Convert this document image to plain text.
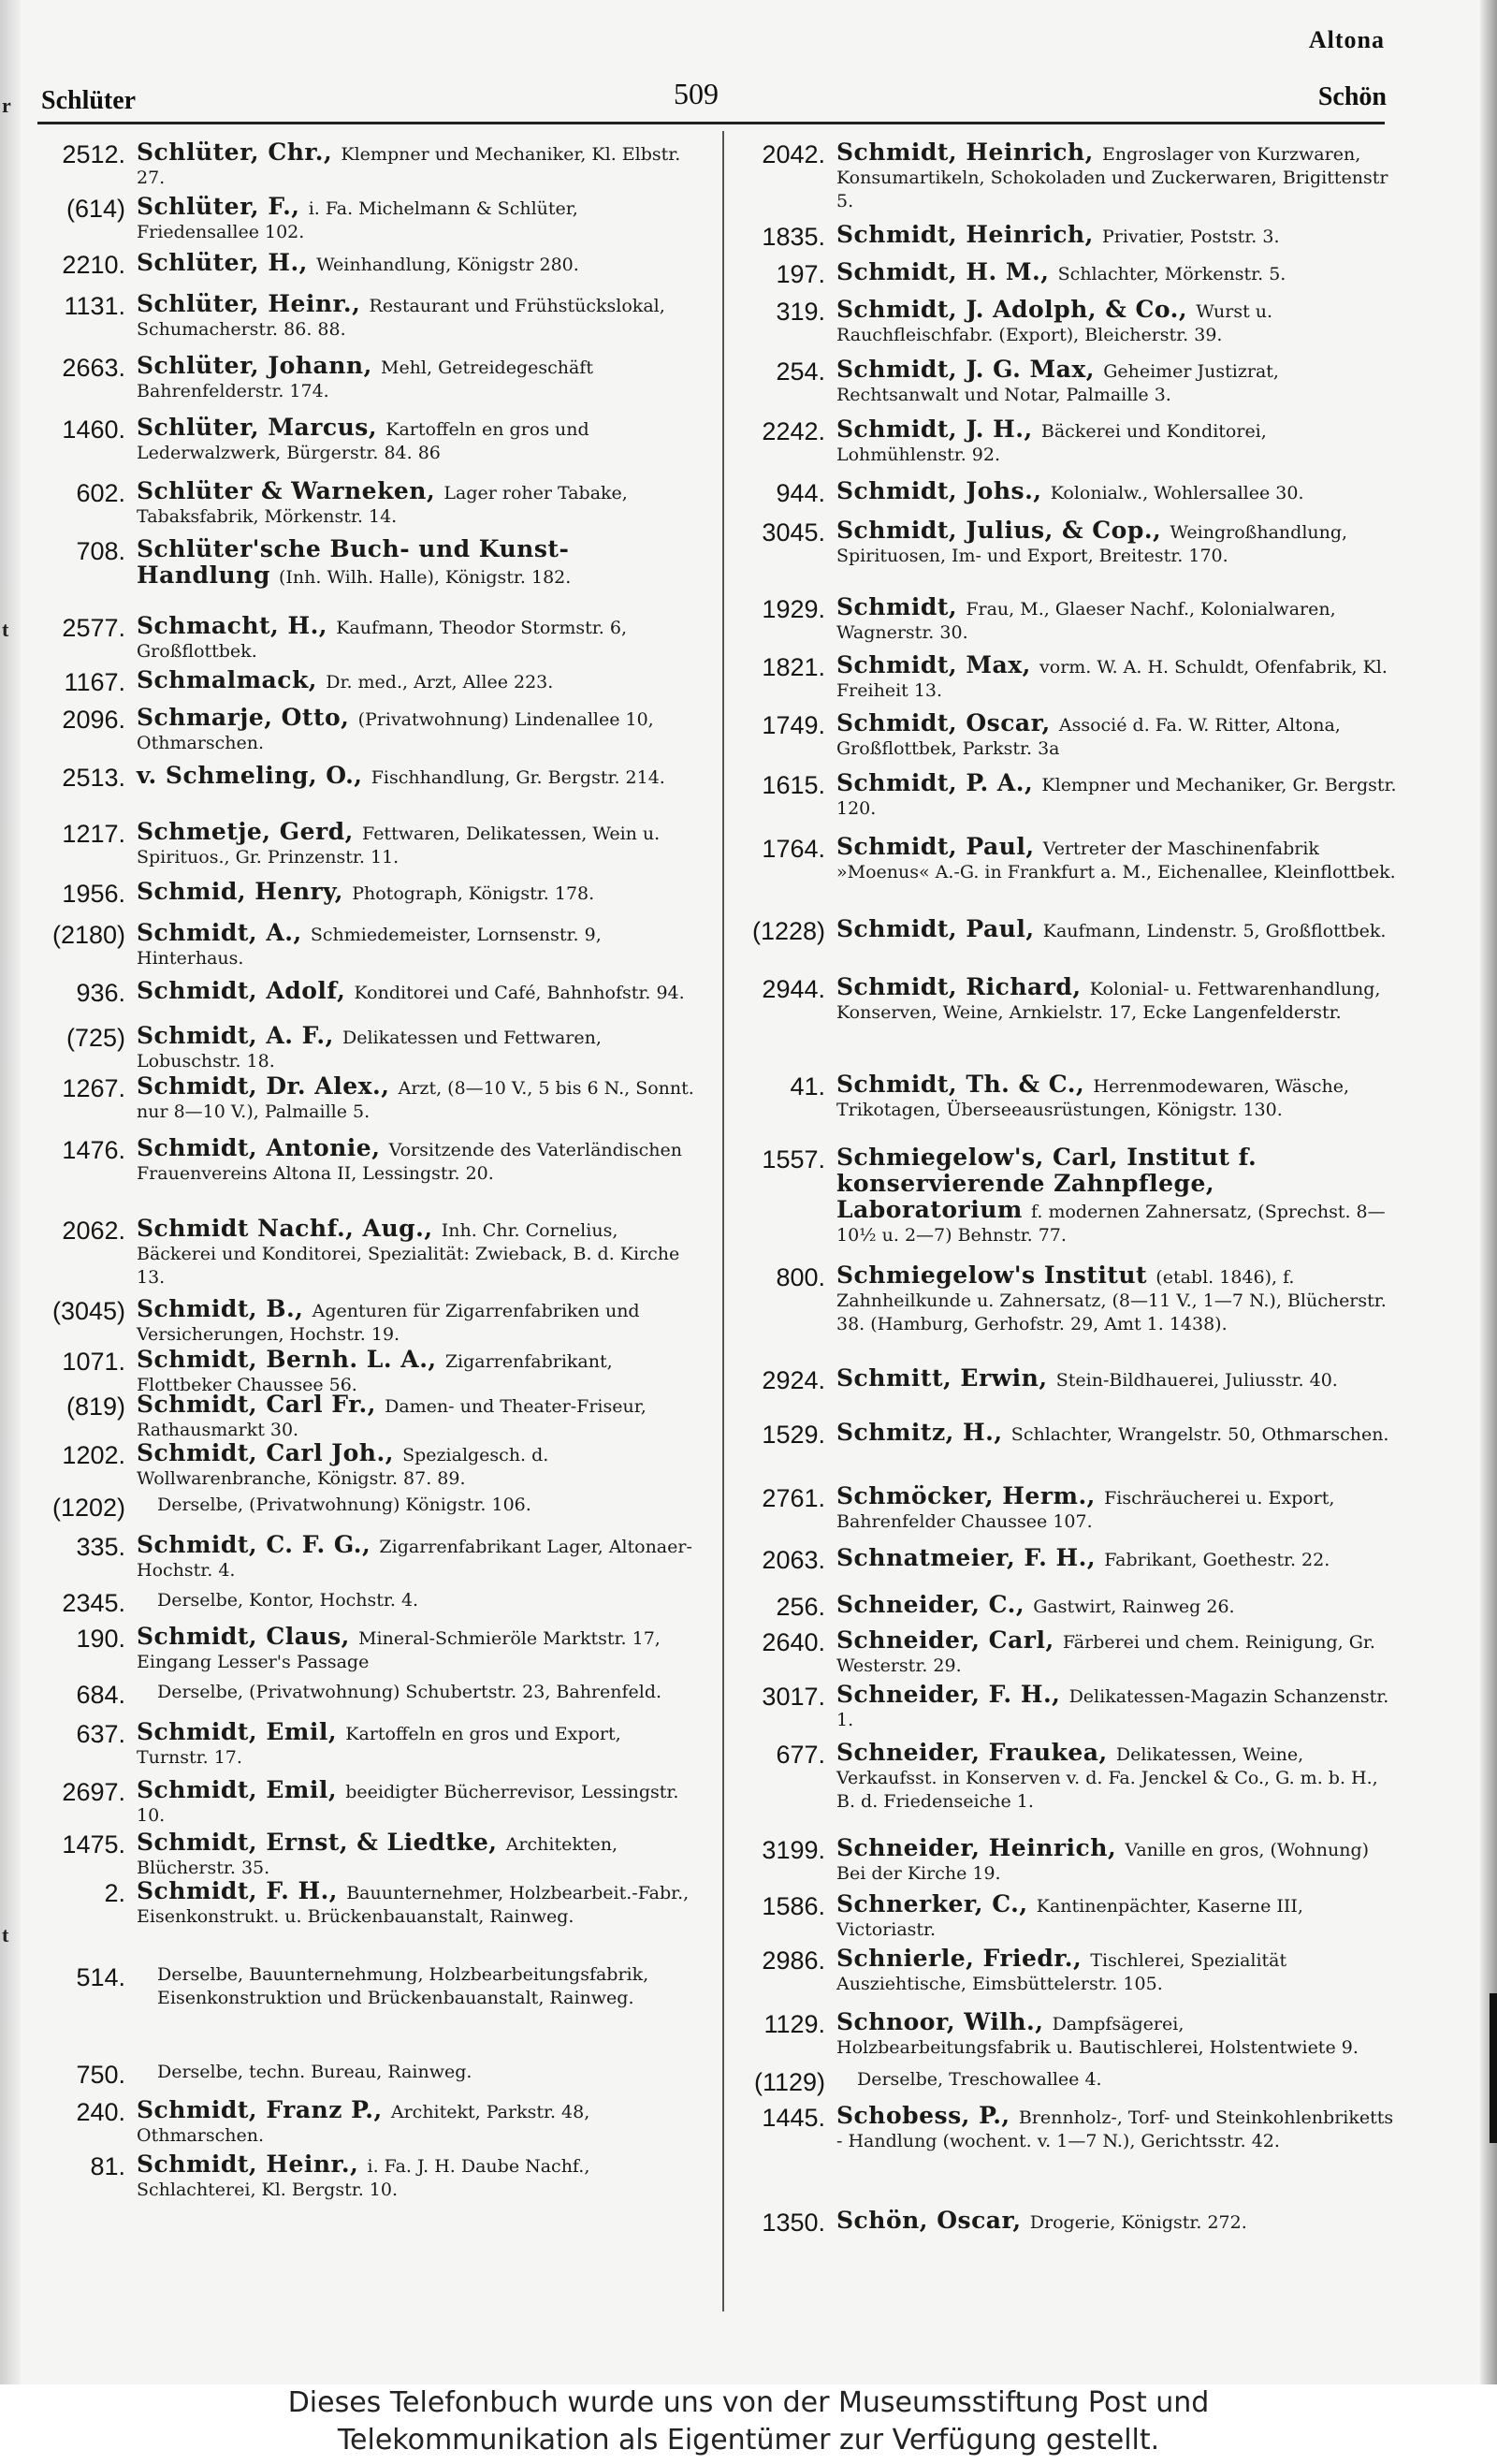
r
t
t
Altona
Schlüter	509	Schön
2512. Schlüter, Chr., Klempner und Mechaniker, Kl. Elbstr. 27.
(614) Schlüter, F., i. Fa. Michelmann & Schlüter, Friedensallee 102.
2210. Schlüter, H., Weinhandlung, Königstr 280.
1131. Schlüter, Heinr., Restaurant und Frühstückslokal, Schumacherstr. 86. 88.
2663. Schlüter, Johann, Mehl, Getreidegeschäft Bahrenfelderstr. 174.
1460. Schlüter, Marcus, Kartoffeln en gros und Lederwalzwerk, Bürgerstr. 84. 86
602. Schlüter & Warneken, Lager roher Tabake, Tabaksfabrik, Mörkenstr. 14.
708. Schlüter'sche Buch- und Kunst-Handlung (Inh. Wilh. Halle), Königstr. 182.
2577. Schmacht, H., Kaufmann, Theodor Stormstr. 6, Großflottbek.
1167. Schmalmack, Dr. med., Arzt, Allee 223.
2096. Schmarje, Otto, (Privatwohnung) Lindenallee 10, Othmarschen.
2513. v. Schmeling, O., Fischhandlung, Gr. Bergstr. 214.
1217. Schmetje, Gerd, Fettwaren, Delikatessen, Wein u. Spirituos., Gr. Prinzenstr. 11.
1956. Schmid, Henry, Photograph, Königstr. 178.
(2180) Schmidt, A., Schmiedemeister, Lornsenstr. 9, Hinterhaus.
936. Schmidt, Adolf, Konditorei und Café, Bahnhofstr. 94.
(725) Schmidt, A. F., Delikatessen und Fettwaren, Lobuschstr. 18.
1267. Schmidt, Dr. Alex., Arzt, (8—10 V., 5 bis 6 N., Sonnt. nur 8—10 V.), Palmaille 5.
1476. Schmidt, Antonie, Vorsitzende des Vaterländischen Frauenvereins Altona II, Lessingstr. 20.
2062. Schmidt Nachf., Aug., Inh. Chr. Cornelius, Bäckerei und Konditorei, Spezialität: Zwieback, B. d. Kirche 13.
(3045) Schmidt, B., Agenturen für Zigarrenfabriken und Versicherungen, Hochstr. 19.
1071. Schmidt, Bernh. L. A., Zigarrenfabrikant, Flottbeker Chaussee 56.
(819) Schmidt, Carl Fr., Damen- und Theater-Friseur, Rathausmarkt 30.
1202. Schmidt, Carl Joh., Spezialgesch. d. Wollwarenbranche, Königstr. 87. 89.
(1202)	Derselbe, (Privatwohnung) Königstr. 106.
335. Schmidt, C. F. G., Zigarrenfabrikant Lager, Altonaer-Hochstr. 4.
2345.	Derselbe, Kontor, Hochstr. 4.
190. Schmidt, Claus, Mineral-Schmieröle Marktstr. 17, Eingang Lesser's Passage
684.	Derselbe, (Privatwohnung) Schubertstr. 23, Bahrenfeld.
637. Schmidt, Emil, Kartoffeln en gros und Export, Turnstr. 17.
2697. Schmidt, Emil, beeidigter Bücherrevisor, Lessingstr. 10.
1475. Schmidt, Ernst, & Liedtke, Architekten, Blücherstr. 35.
2. Schmidt, F. H., Bauunternehmer, Holzbearbeit.-Fabr., Eisenkonstrukt. u. Brückenbauanstalt, Rainweg.
514.	Derselbe, Bauunternehmung, Holzbearbeitungsfabrik, Eisenkonstruktion und Brückenbauanstalt, Rainweg.
750.	Derselbe, techn. Bureau, Rainweg.
240. Schmidt, Franz P., Architekt, Parkstr. 48, Othmarschen.
81. Schmidt, Heinr., i. Fa. J. H. Daube Nachf., Schlachterei, Kl. Bergstr. 10.
2042. Schmidt, Heinrich, Engroslager von Kurzwaren, Konsumartikeln, Schokoladen und Zuckerwaren, Brigittenstr 5.
1835. Schmidt, Heinrich, Privatier, Poststr. 3.
197. Schmidt, H. M., Schlachter, Mörkenstr. 5.
319. Schmidt, J. Adolph, & Co., Wurst u. Rauchfleischfabr. (Export), Bleicherstr. 39.
254. Schmidt, J. G. Max, Geheimer Justizrat, Rechtsanwalt und Notar, Palmaille 3.
2242. Schmidt, J. H., Bäckerei und Konditorei, Lohmühlenstr. 92.
944. Schmidt, Johs., Kolonialw., Wohlersallee 30.
3045. Schmidt, Julius, & Cop., Weingroßhandlung, Spirituosen, Im- und Export, Breitestr. 170.
1929. Schmidt, Frau, M., Glaeser Nachf., Kolonialwaren, Wagnerstr. 30.
1821. Schmidt, Max, vorm. W. A. H. Schuldt, Ofenfabrik, Kl. Freiheit 13.
1749. Schmidt, Oscar, Associé d. Fa. W. Ritter, Altona, Großflottbek, Parkstr. 3a
1615. Schmidt, P. A., Klempner und Mechaniker, Gr. Bergstr. 120.
1764. Schmidt, Paul, Vertreter der Maschinenfabrik »Moenus« A.-G. in Frankfurt a. M., Eichenallee, Kleinflottbek.
(1228) Schmidt, Paul, Kaufmann, Lindenstr. 5, Großflottbek.
2944. Schmidt, Richard, Kolonial- u. Fettwarenhandlung, Konserven, Weine, Arnkielstr. 17, Ecke Langenfelderstr.
41. Schmidt, Th. & C., Herrenmodewaren, Wäsche, Trikotagen, Überseeausrüstungen, Königstr. 130.
1557. Schmiegelow's, Carl, Institut f. konservierende Zahnpflege, Laboratorium f. modernen Zahnersatz, (Sprechst. 8—10½ u. 2—7) Behnstr. 77.
800. Schmiegelow's Institut (etabl. 1846), f. Zahnheilkunde u. Zahnersatz, (8—11 V., 1—7 N.), Blücherstr. 38. (Hamburg, Gerhofstr. 29, Amt 1. 1438).
2924. Schmitt, Erwin, Stein-Bildhauerei, Juliusstr. 40.
1529. Schmitz, H., Schlachter, Wrangelstr. 50, Othmarschen.
2761. Schmöcker, Herm., Fischräucherei u. Export, Bahrenfelder Chaussee 107.
2063. Schnatmeier, F. H., Fabrikant, Goethestr. 22.
256. Schneider, C., Gastwirt, Rainweg 26.
2640. Schneider, Carl, Färberei und chem. Reinigung, Gr. Westerstr. 29.
3017. Schneider, F. H., Delikatessen-Magazin Schanzenstr. 1.
677. Schneider, Fraukea, Delikatessen, Weine, Verkaufsst. in Konserven v. d. Fa. Jenckel & Co., G. m. b. H., B. d. Friedenseiche 1.
3199. Schneider, Heinrich, Vanille en gros, (Wohnung) Bei der Kirche 19.
1586. Schnerker, C., Kantinenpächter, Kaserne III, Victoriastr.
2986. Schnierle, Friedr., Tischlerei, Spezialität Ausziehtische, Eimsbüttelerstr. 105.
1129. Schnoor, Wilh., Dampfsägerei, Holzbearbeitungsfabrik u. Bautischlerei, Holstentwiete 9.
(1129)	Derselbe, Treschowallee 4.
1445. Schobess, P., Brennholz-, Torf- und Steinkohlenbriketts - Handlung (wochent. v. 1—7 N.), Gerichtsstr. 42.
1350. Schön, Oscar, Drogerie, Königstr. 272.
Dieses Telefonbuch wurde uns von der Museumsstiftung Post und
Telekommunikation als Eigentümer zur Verfügung gestellt.
